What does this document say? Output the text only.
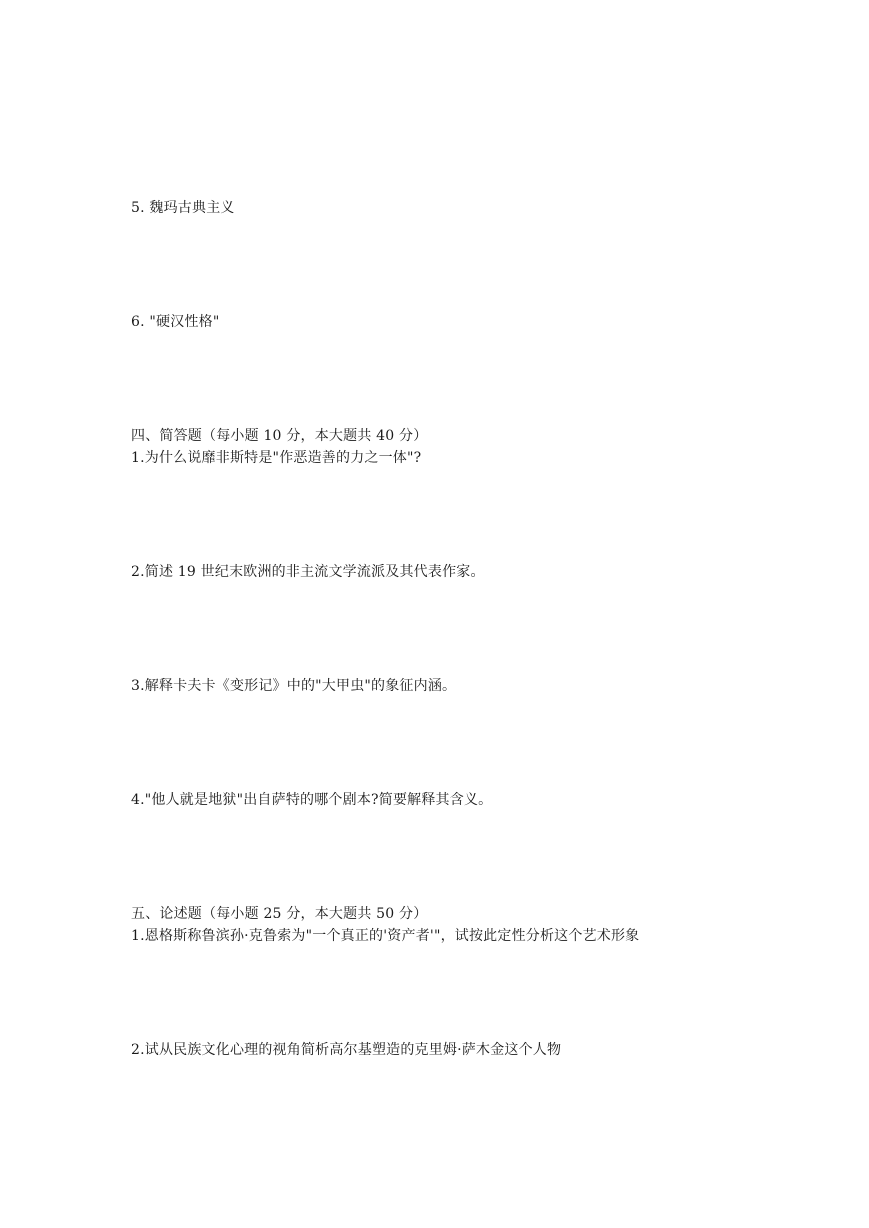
5. 魏玛古典主义
6. "硬汉性格"
四、简答题（每小题 10 分，本大题共 40 分）
1.为什么说靡非斯特是"作恶造善的力之一体"?
2.简述 19 世纪末欧洲的非主流文学流派及其代表作家。
3.解释卡夫卡《变形记》中的"大甲虫"的象征内涵。
4."他人就是地狱"出自萨特的哪个剧本?简要解释其含义。
五、论述题（每小题 25 分，本大题共 50 分）
1.恩格斯称鲁滨孙·克鲁索为"一个真正的'资产者'"，试按此定性分析这个艺术形象
2.试从民族文化心理的视角简析高尔基塑造的克里姆·萨木金这个人物
